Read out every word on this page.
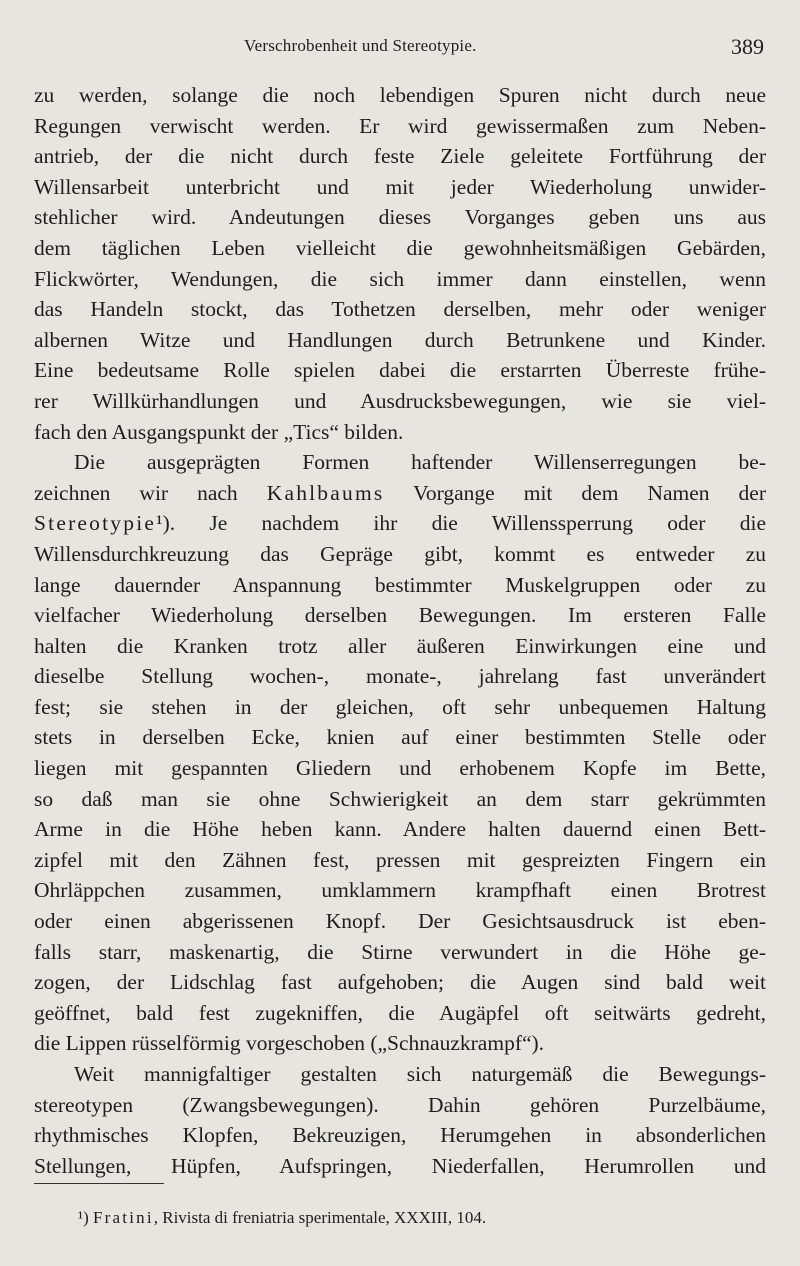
Verschrobenheit und Stereotypie.	389
zu werden, solange die noch lebendigen Spuren nicht durch neue
Regungen verwischt werden. Er wird gewissermaßen zum Neben-
antrieb, der die nicht durch feste Ziele geleitete Fortführung der
Willensarbeit unterbricht und mit jeder Wiederholung unwider-
stehlicher wird. Andeutungen dieses Vorganges geben uns aus
dem täglichen Leben vielleicht die gewohnheitsmäßigen Gebärden,
Flickwörter, Wendungen, die sich immer dann einstellen, wenn
das Handeln stockt, das Tothetzen derselben, mehr oder weniger
albernen Witze und Handlungen durch Betrunkene und Kinder.
Eine bedeutsame Rolle spielen dabei die erstarrten Überreste frühe-
rer Willkürhandlungen und Ausdrucksbewegungen, wie sie viel-
fach den Ausgangspunkt der „Tics“ bilden.
Die ausgeprägten Formen haftender Willenserregungen be-
zeichnen wir nach Kahlbaums Vorgange mit dem Namen der
Stereotypie¹). Je nachdem ihr die Willenssperrung oder die
Willensdurchkreuzung das Gepräge gibt, kommt es entweder zu
lange dauernder Anspannung bestimmter Muskelgruppen oder zu
vielfacher Wiederholung derselben Bewegungen. Im ersteren Falle
halten die Kranken trotz aller äußeren Einwirkungen eine und
dieselbe Stellung wochen-, monate-, jahrelang fast unverändert
fest; sie stehen in der gleichen, oft sehr unbequemen Haltung
stets in derselben Ecke, knien auf einer bestimmten Stelle oder
liegen mit gespannten Gliedern und erhobenem Kopfe im Bette,
so daß man sie ohne Schwierigkeit an dem starr gekrümmten
Arme in die Höhe heben kann. Andere halten dauernd einen Bett-
zipfel mit den Zähnen fest, pressen mit gespreizten Fingern ein
Ohrläppchen zusammen, umklammern krampfhaft einen Brotrest
oder einen abgerissenen Knopf. Der Gesichtsausdruck ist eben-
falls starr, maskenartig, die Stirne verwundert in die Höhe ge-
zogen, der Lidschlag fast aufgehoben; die Augen sind bald weit
geöffnet, bald fest zugekniffen, die Augäpfel oft seitwärts gedreht,
die Lippen rüsselförmig vorgeschoben („Schnauzkrampf“).
Weit mannigfaltiger gestalten sich naturgemäß die Bewegungs-
stereotypen (Zwangsbewegungen). Dahin gehören Purzelbäume,
rhythmisches Klopfen, Bekreuzigen, Herumgehen in absonderlichen
Stellungen, Hüpfen, Aufspringen, Niederfallen, Herumrollen und
¹) Fratini, Rivista di freniatria sperimentale, XXXIII, 104.
